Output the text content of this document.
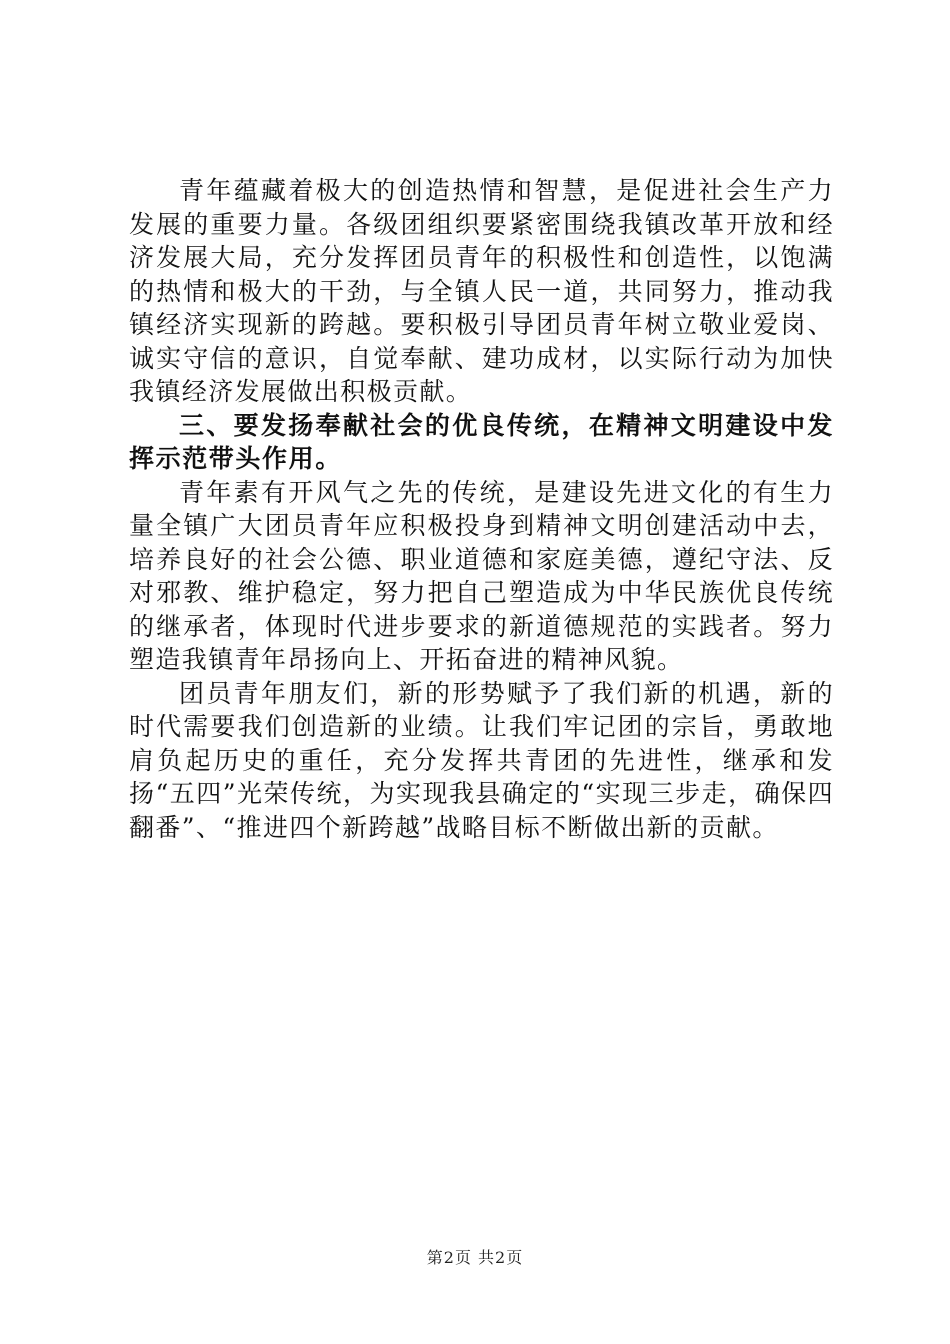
青年蕴藏着极大的创造热情和智慧，是促进社会生产力发展的重要力量。各级团组织要紧密围绕我镇改革开放和经济发展大局，充分发挥团员青年的积极性和创造性，以饱满的热情和极大的干劲，与全镇人民一道，共同努力，推动我镇经济实现新的跨越。要积极引导团员青年树立敬业爱岗、诚实守信的意识，自觉奉献、建功成材，以实际行动为加快我镇经济发展做出积极贡献。

三、要发扬奉献社会的优良传统，在精神文明建设中发挥示范带头作用。

青年素有开风气之先的传统，是建设先进文化的有生力量全镇广大团员青年应积极投身到精神文明创建活动中去，培养良好的社会公德、职业道德和家庭美德，遵纪守法、反对邪教、维护稳定，努力把自己塑造成为中华民族优良传统的继承者，体现时代进步要求的新道德规范的实践者。努力塑造我镇青年昂扬向上、开拓奋进的精神风貌。

团员青年朋友们，新的形势赋予了我们新的机遇，新的时代需要我们创造新的业绩。让我们牢记团的宗旨，勇敢地肩负起历史的重任，充分发挥共青团的先进性，继承和发扬“五四”光荣传统，为实现我县确定的“实现三步走，确保四翻番”、“推进四个新跨越”战略目标不断做出新的贡献。

第2页 共2页
